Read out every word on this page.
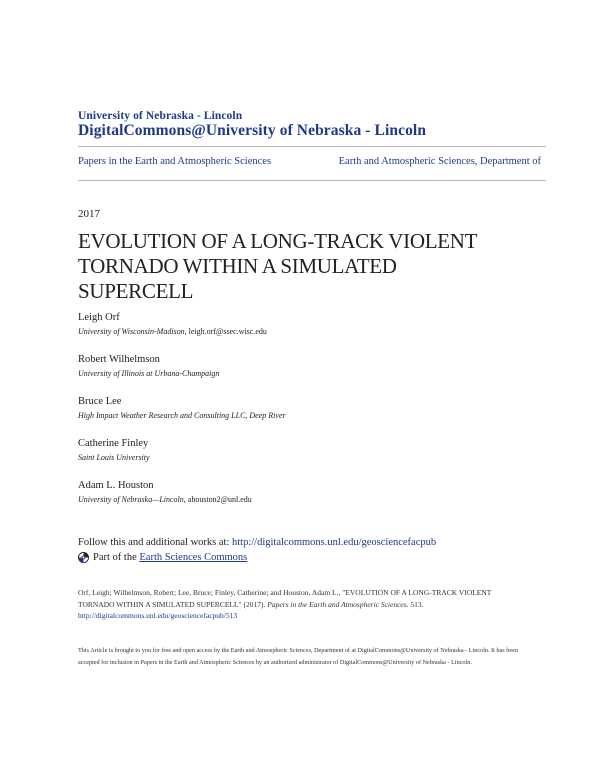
University of Nebraska - Lincoln
DigitalCommons@University of Nebraska - Lincoln
Papers in the Earth and Atmospheric Sciences	Earth and Atmospheric Sciences, Department of
2017
EVOLUTION OF A LONG-TRACK VIOLENT
TORNADO WITHIN A SIMULATED
SUPERCELL
Leigh Orf
University of Wisconsin-Madison, leigh.orf@ssec.wisc.edu
Robert Wilhelmson
University of Illinois at Urbana-Champaign
Bruce Lee
High Impact Weather Research and Consulting LLC, Deep River
Catherine Finley
Saint Louis University
Adam L. Houston
University of Nebraska—Lincoln, ahouston2@unl.edu
Follow this and additional works at: http://digitalcommons.unl.edu/geosciencefacpub
Part of the
Earth Sciences Commons
Orf, Leigh; Wilhelmson, Robert; Lee, Bruce; Finley, Catherine; and Houston, Adam L., "EVOLUTION OF A LONG-TRACK VIOLENT TORNADO WITHIN A SIMULATED SUPERCELL" (2017). Papers in the Earth and Atmospheric Sciences. 513.
http://digitalcommons.unl.edu/geosciencefacpub/513
This Article is brought to you for free and open access by the Earth and Atmospheric Sciences, Department of at DigitalCommons@University of Nebraska - Lincoln. It has been accepted for inclusion in Papers in the Earth and Atmospheric Sciences by an authorized administrator of DigitalCommons@University of Nebraska - Lincoln.
